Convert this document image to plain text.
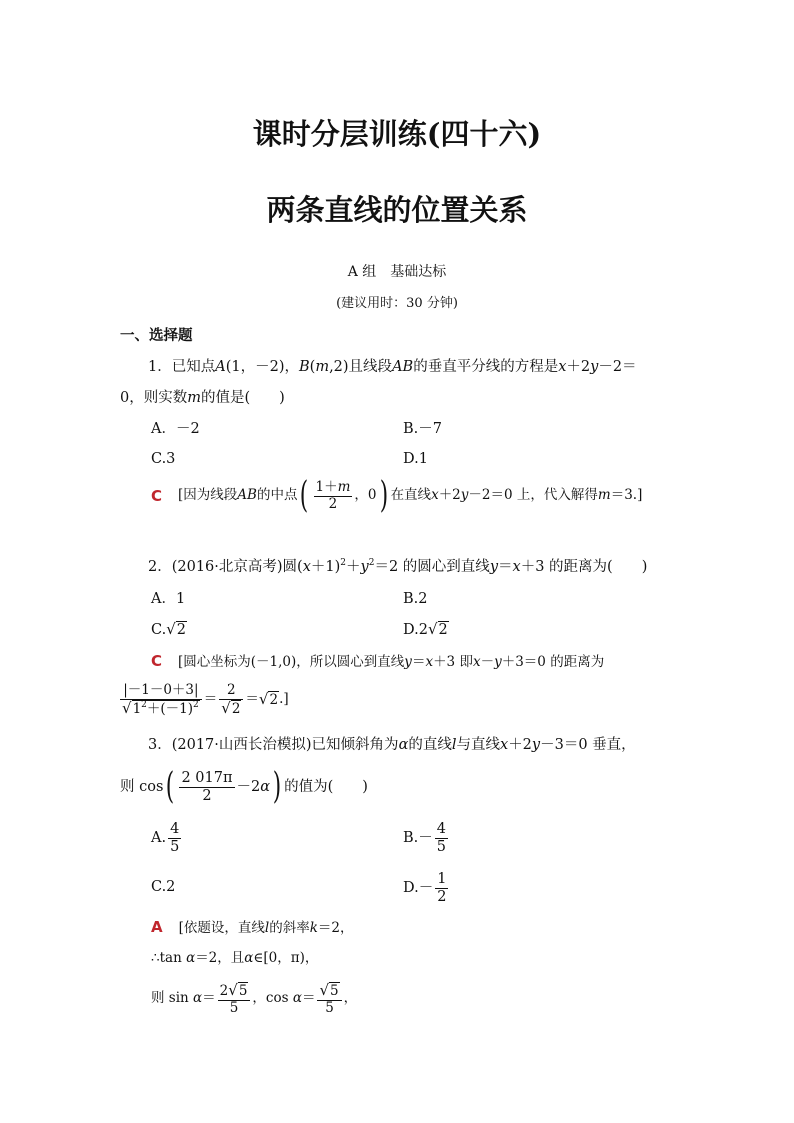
课时分层训练(四十六)
两条直线的位置关系
A 组　基础达标
(建议用时：30 分钟)
一、选择题
1．已知点A(1，－2)，B(m,2)且线段AB的垂直平分线的方程是x＋2y－2＝
0，则实数m的值是(　　)
A．－2	B.－7
C.3	D.1
C [因为线段 AB 的中点 ( $\frac{1+m}{2}$ ，0 ) 在直线 x ＋2 y －2＝0 上，代入解得 m ＝3.]
2．(2016·北京高考)圆$(x+1)^2+y^2=2$ 的圆心到直线y＝x＋3 的距离为(　　)
A．1	B.2
C.√2	D.2√2
C [圆心坐标为(－1,0)，所以圆心到直线y＝x＋3 即x－y＋3＝0 的距离为
$\frac{|-1-0+3|}{√1^2+(-1)^2} = \frac{2}{√2} = √2$ .]
3．(2017·山西长治模拟)已知倾斜角为α的直线l与直线x＋2y－3＝0 垂直，
则 cos ( $\frac{2 017\pi}{2} -2$ α ) 的值为(　　)
A. $\frac{4}{5}$	$B.- \frac{4}{5}$
C.2	$D.- \frac{1}{2}$
A [依题设，直线l的斜率k＝2，
∴tan α＝2，且α∈[0，π)，
则 sin
$\alpha = \frac{2√5}{5}$ ，cos
$\alpha = \frac{√5}{5}$ ，
